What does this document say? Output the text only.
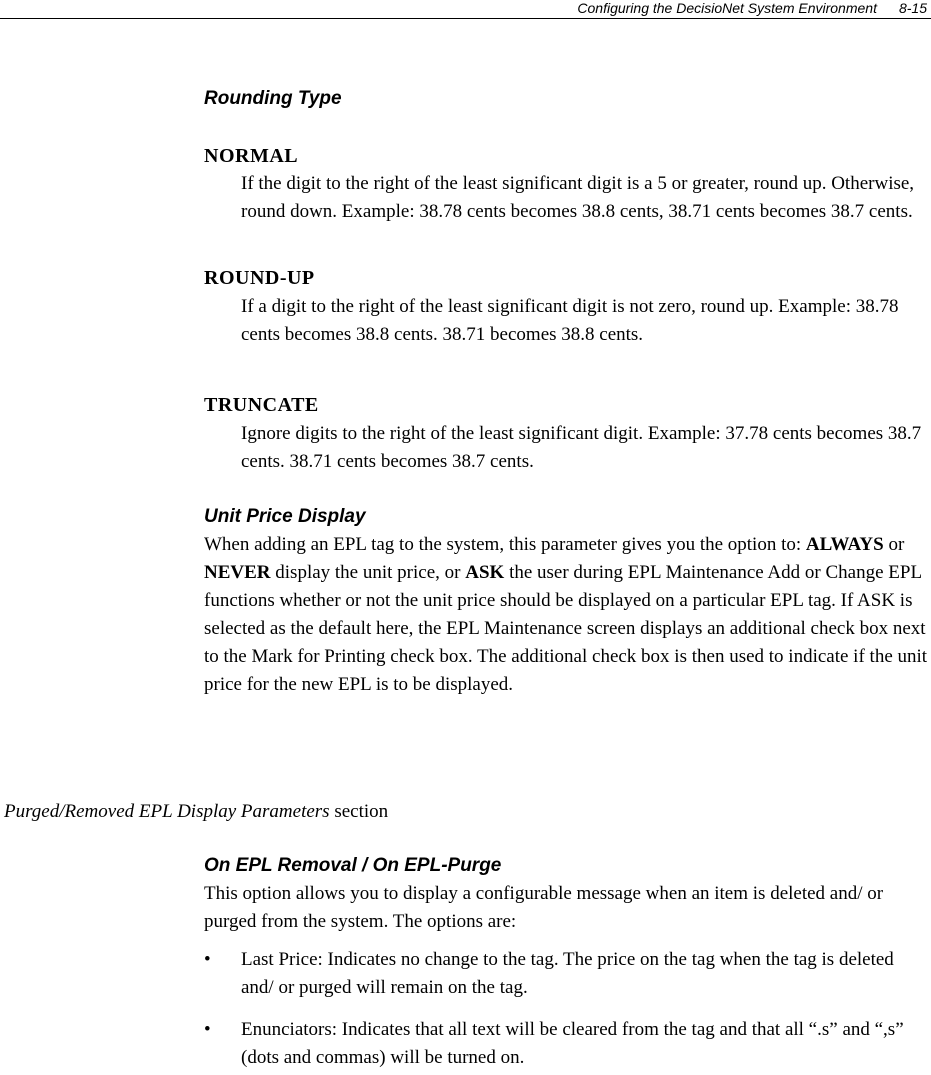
Configuring the DecisioNet System Environment 8-15
Rounding Type
NORMAL

If the digit to the right of the least significant digit is a 5 or greater, round up. Otherwise, round down. Example: 38.78 cents becomes 38.8 cents, 38.71 cents becomes 38.7 cents.

ROUND-UP

If a digit to the right of the least significant digit is not zero, round up. Example: 38.78 cents becomes 38.8 cents. 38.71 becomes 38.8 cents.

TRUNCATE

Ignore digits to the right of the least significant digit. Example: 37.78 cents becomes 38.7 cents. 38.71 cents becomes 38.7 cents.

Unit Price Display

When adding an EPL tag to the system, this parameter gives you the option to: ALWAYS or NEVER display the unit price, or ASK the user during EPL Maintenance Add or Change EPL functions whether or not the unit price should be displayed on a particular EPL tag. If ASK is selected as the default here, the EPL Maintenance screen displays an additional check box next to the Mark for Printing check box. The additional check box is then used to indicate if the unit price for the new EPL is to be displayed.

Purged/Removed EPL Display Parameters section
On EPL Removal / On EPL-Purge

This option allows you to display a configurable message when an item is deleted and/ or purged from the system. The options are:

• Last Price: Indicates no change to the tag. The price on the tag when the tag is deleted and/ or purged will remain on the tag.

• Enunciators: Indicates that all text will be cleared from the tag and that all “.s” and “,s” (dots and commas) will be turned on.
